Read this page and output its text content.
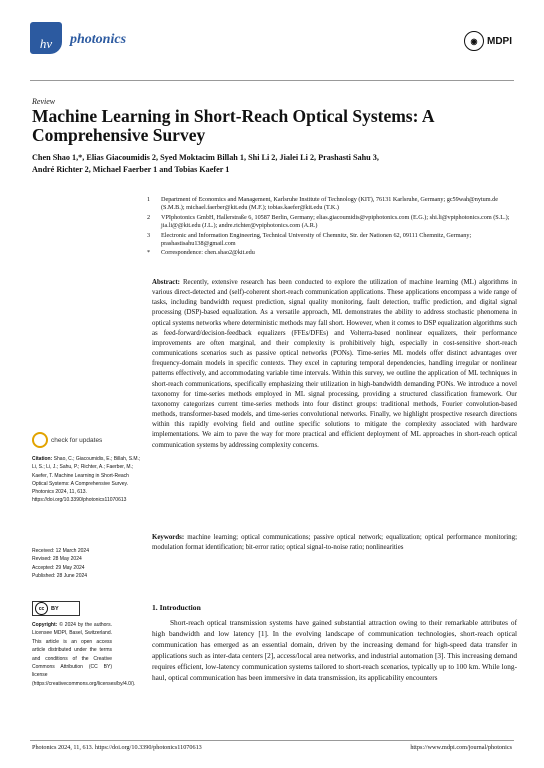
hv	photonics	◉ MDPI
Review
Machine Learning in Short-Reach Optical Systems: A Comprehensive Survey
Chen Shao 1,*, Elias Giacoumidis 2, Syed Moktacim Billah 1, Shi Li 2, Jialei Li 2, Prashasti Sahu 3,
André Richter 2, Michael Faerber 1 and Tobias Kaefer 1
1 Department of Economics and Management, Karlsruhe Institute of Technology (KIT), 76131 Karlsruhe, Germany; gc59wah@nytum.de (S.M.B.); michael.faerber@kit.edu (M.F.); tobias.kaefer@kit.edu (T.K.)
2 VPIphotonics GmbH, Hallerstraße 6, 10587 Berlin, Germany; elias.giacoumidis@vpiphotonics.com (E.G.); shi.li@vpiphotonics.com (S.L.); jia.li@@kit.edu (J.L.); andre.richter@vpiphotonics.com (A.R.)
3 Electronic and Information Engineering, Technical University of Chemnitz, Str. der Nationen 62, 09111 Chemnitz, Germany; prashastisahu138@gmail.com
* Correspondence: chen.shao2@kit.edu
Abstract: Recently, extensive research has been conducted to explore the utilization of machine learning (ML) algorithms in various direct-detected and (self)-coherent short-reach communication applications. These applications encompass a wide range of tasks, including bandwidth request prediction, signal quality monitoring, fault detection, traffic prediction, and digital signal processing (DSP)-based equalization. As a versatile approach, ML demonstrates the ability to address stochastic phenomena in optical systems networks where deterministic methods may fall short. However, when it comes to DSP equalization algorithms such as feed-forward/decision-feedback equalizers (FFEs/DFEs) and Volterra-based nonlinear equalizers, their performance improvements are often marginal, and their complexity is prohibitively high, especially in cost-sensitive short-reach communications scenarios such as passive optical networks (PONs). Time-series ML models offer distinct advantages over frequency-domain models in specific contexts. They excel in capturing temporal dependencies, handling irregular or nonlinear patterns effectively, and accommodating variable time intervals. Within this survey, we outline the application of ML techniques in short-reach communications, specifically emphasizing their utilization in high-bandwidth demanding PONs. We introduce a novel taxonomy for time-series methods employed in ML signal processing, providing a structured classification framework. Our taxonomy categorizes current time-series methods into four distinct groups: traditional methods, Fourier convolution-based methods, transformer-based models, and time-series convolutional networks. Finally, we highlight prospective research directions within this rapidly evolving field and outline specific solutions to mitigate the complexity associated with hardware implementations. We aim to pave the way for more practical and efficient deployment of ML approaches in short-reach optical communication systems by addressing complexity concerns.
Keywords: machine learning; optical communications; passive optical network; equalization; optical performance monitoring; modulation format identification; bit-error ratio; optical signal-to-noise ratio; nonlinearities
check for updates
Citation: Shao, C.; Giacoumidis, E.; Billah, S.M.; Li, S.; Li, J.; Sahu, P.; Richter, A.; Faerber, M.; Kaefer, T. Machine Learning in Short-Reach Optical Systems: A Comprehensive Survey. Photonics 2024, 11, 613. https://doi.org/10.3390/photonics11070613
Received: 12 March 2024
Revised: 28 May 2024
Accepted: 29 May 2024
Published: 28 June 2024
cc	BY
Copyright: © 2024 by the authors. Licensee MDPI, Basel, Switzerland. This article is an open access article distributed under the terms and conditions of the Creative Commons Attribution (CC BY) license (https://creativecommons.org/licenses/by/4.0/).
1. Introduction

Short-reach optical transmission systems have gained substantial attraction owing to their remarkable attributes of high bandwidth and low latency [1]. In the evolving landscape of communication technologies, short-reach optical communication has emerged as an essential domain, driven by the increasing demand for high-speed data transfer in applications such as inter-data centers [2], access/local area networks, and industrial automation [3]. This increasing demand requires efficient, low-latency communication systems tailored to short-reach scenarios, typically up to 100 km. While long-haul, optical communication has been immersive in data transmission, its applicability encounters

Photonics 2024, 11, 613. https://doi.org/10.3390/photonics11070613	https://www.mdpi.com/journal/photonics
